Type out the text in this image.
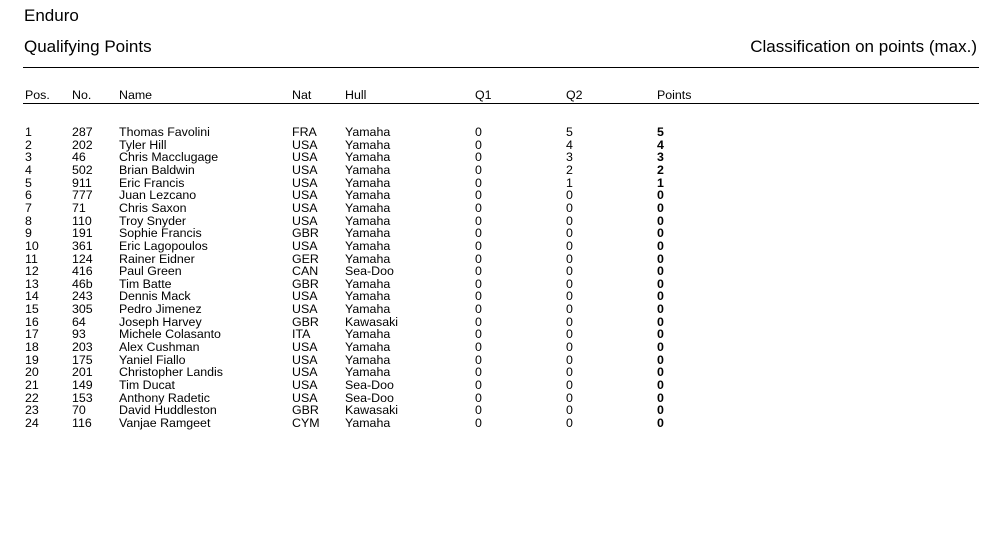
Enduro
Qualifying Points	Classification on points (max.)
Pos. No. Name	Nat	Hull	Q1	Q2	Points
1	287 Thomas Favolini	FRA Yamaha	0	5	5
2	202 Tyler Hill	USA Yamaha	0	4	4
3	46	Chris Macclugage	USA Yamaha	0	3	3
4	502 Brian Baldwin	USA Yamaha	0	2	2
5	911 Eric Francis	USA Yamaha	0	1	1
6	777 Juan Lezcano	USA Yamaha	0	0	0
7	71	Chris Saxon	USA Yamaha	0	0	0
8	110 Troy Snyder	USA Yamaha	0	0	0
9	191 Sophie Francis	GBR Yamaha	0	0	0
10	361 Eric Lagopoulos	USA Yamaha	0	0	0
11	124 Rainer Eidner	GER Yamaha	0	0	0
12	416 Paul Green	CAN Sea-Doo	0	0	0
13	46b Tim Batte	GBR Yamaha	0	0	0
14	243 Dennis Mack	USA Yamaha	0	0	0
15	305 Pedro Jimenez	USA Yamaha	0	0	0
16	64	Joseph Harvey	GBR Kawasaki	0	0	0
17	93	Michele Colasanto	ITA	Yamaha	0	0	0
18	203 Alex Cushman	USA Yamaha	0	0	0
19	175 Yaniel Fiallo	USA Yamaha	0	0	0
20	201 Christopher Landis	USA Yamaha	0	0	0
21	149 Tim Ducat	USA Sea-Doo	0	0	0
22	153 Anthony Radetic	USA Sea-Doo	0	0	0
23	70	David Huddleston	GBR Kawasaki	0	0	0
24	116 Vanjae Ramgeet	CYM Yamaha	0	0	0
